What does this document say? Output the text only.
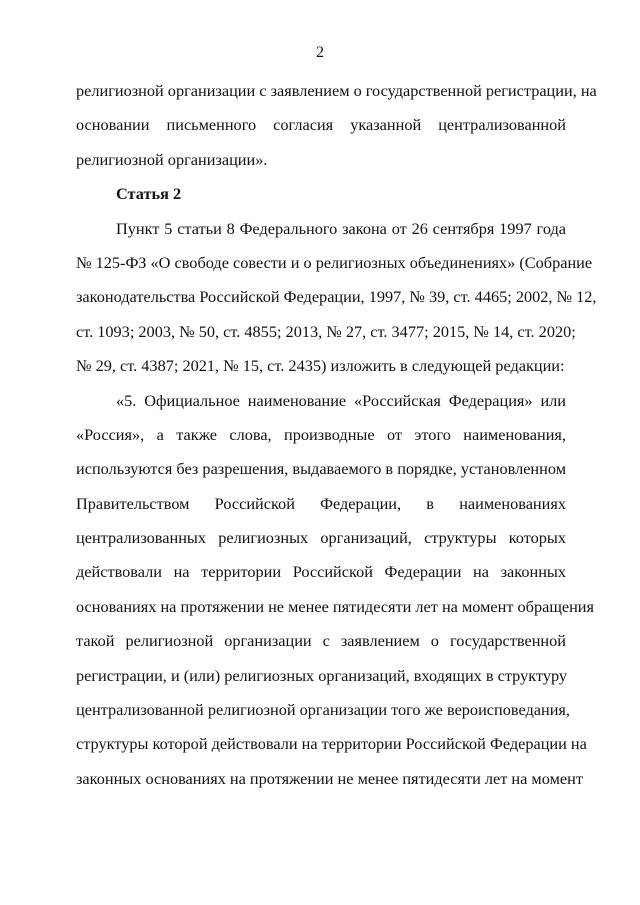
2
религиозной организации с заявлением о государственной регистрации, на
основании письменного согласия указанной централизованной
религиозной организации».
Статья 2
Пункт 5 статьи 8 Федерального закона от 26 сентября 1997 года
№ 125-ФЗ «О свободе совести и о религиозных объединениях» (Собрание
законодательства Российской Федерации, 1997, № 39, ст. 4465; 2002, № 12,
ст. 1093; 2003, № 50, ст. 4855; 2013, № 27, ст. 3477; 2015, № 14, ст. 2020;
№ 29, ст. 4387; 2021, № 15, ст. 2435) изложить в следующей редакции:
«5. Официальное наименование «Российская Федерация» или
«Россия», а также слова, производные от этого наименования,
используются без разрешения, выдаваемого в порядке, установленном
Правительством Российской Федерации, в наименованиях
централизованных религиозных организаций, структуры которых
действовали на территории Российской Федерации на законных
основаниях на протяжении не менее пятидесяти лет на момент обращения
такой религиозной организации с заявлением о государственной
регистрации, и (или) религиозных организаций, входящих в структуру
централизованной религиозной организации того же вероисповедания,
структуры которой действовали на территории Российской Федерации на
законных основаниях на протяжении не менее пятидесяти лет на момент
